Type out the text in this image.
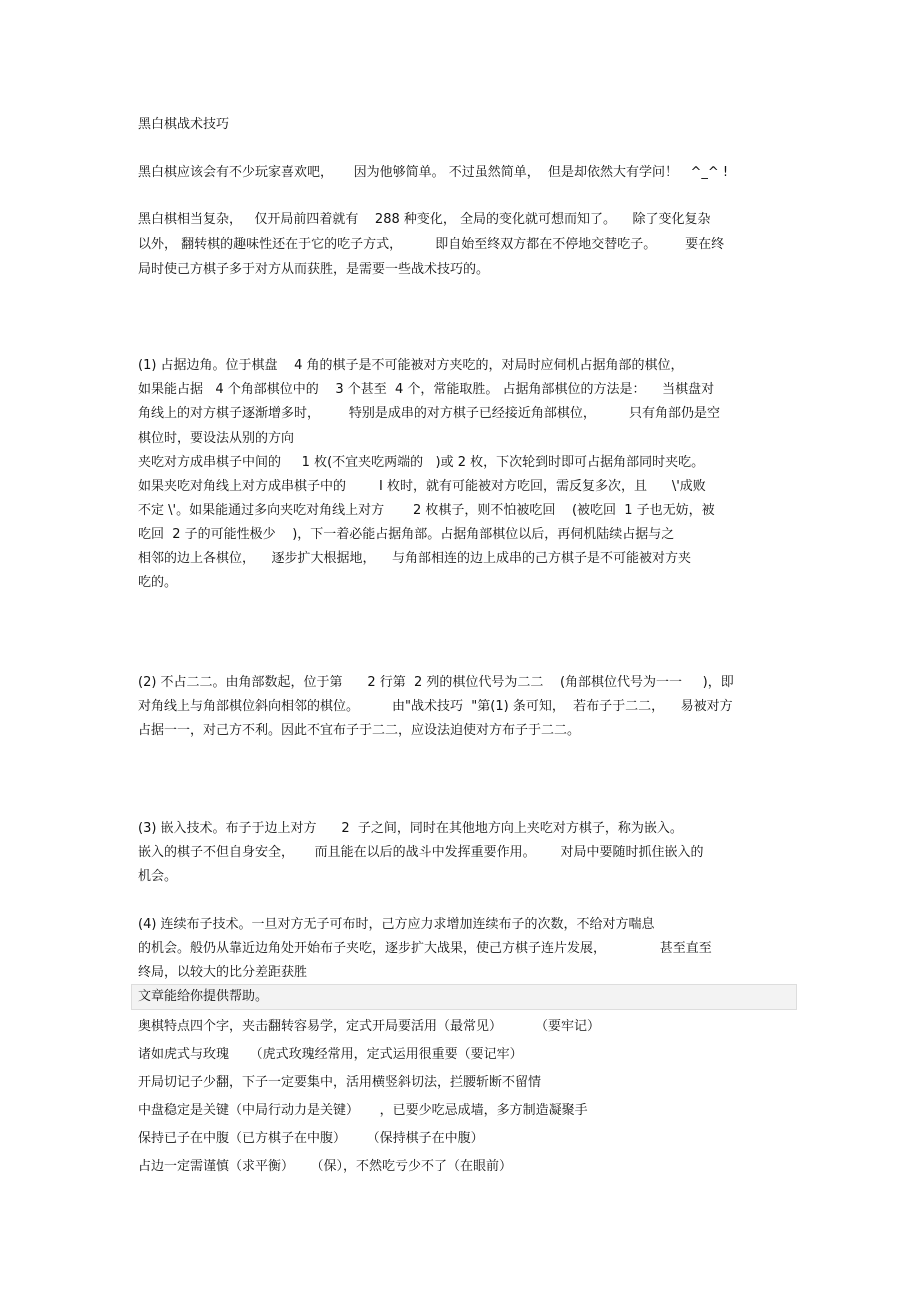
黑白棋战术技巧
黑白棋应该会有不少玩家喜欢吧，     因为他够简单。 不过虽然简单，  但是却依然大有学问！   ^_^ !
黑白棋相当复杂，   仅开局前四着就有    288 种变化， 全局的变化就可想而知了。    除了变化复杂
以外， 翻转棋的趣味性还在于它的吃子方式，        即自始至终双方都在不停地交替吃子。       要在终
局时使己方棋子多于对方从而获胜，是需要一些战术技巧的。
(1) 占据边角。位于棋盘    4 角的棋子是不可能被对方夹吃的，对局时应伺机占据角部的棋位，
如果能占据   4 个角部棋位中的    3 个甚至  4 个，常能取胜。 占据角部棋位的方法是：    当棋盘对
角线上的对方棋子逐渐增多时，       特别是成串的对方棋子已经接近角部棋位，        只有角部仍是空
棋位时，要设法从别的方向
夹吃对方成串棋子中间的     1 枚(不宜夹吃两端的   )或 2 枚，下次轮到时即可占据角部同时夹吃。
如果夹吃对角线上对方成串棋子中的        I 枚时，就有可能被对方吃回，需反复多次，且      \'成败
不定 \'。如果能通过多向夹吃对角线上对方       2 枚棋子，则不怕被吃回    (被吃回  1 子也无妨，被
吃回  2 子的可能性极少    )，下一着必能占据角部。占据角部棋位以后，再伺机陆续占据与之
相邻的边上各棋位，    逐步扩大根据地，    与角部相连的边上成串的己方棋子是不可能被对方夹
吃的。
(2) 不占二二。由角部数起，位于第      2 行第  2 列的棋位代号为二二    (角部棋位代号为一一     )，即
对角线上与角部棋位斜向相邻的棋位。        由"战术技巧  "第(1) 条可知，  若布子于二二，    易被对方
占据一一，对己方不利。因此不宜布子于二二，应设法迫使对方布子于二二。
(3) 嵌入技术。布子于边上对方      2  子之间，同时在其他地方向上夹吃对方棋子，称为嵌入。
嵌入的棋子不但自身安全，     而且能在以后的战斗中发挥重要作用。      对局中要随时抓住嵌入的
机会。
(4) 连续布子技术。一旦对方无子可布时，己方应力求增加连续布子的次数，不给对方喘息
的机会。般仍从靠近边角处开始布子夹吃，逐步扩大战果，使己方棋子连片发展，             甚至直至
终局，以较大的比分差距获胜
文章能给你提供帮助。
奥棋特点四个字，夹击翻转容易学，定式开局要活用（最常见）        （要牢记）
诸如虎式与玫瑰     （虎式玫瑰经常用，定式运用很重要（要记牢）
开局切记子少翻，下子一定要集中，活用横竖斜切法，拦腰斩断不留情
中盘稳定是关键（中局行动力是关键）     ，已要少吃忌成墙，多方制造凝聚手
保持已子在中腹（已方棋子在中腹）     （保持棋子在中腹）
占边一定需谨慎（求平衡）    （保），不然吃亏少不了（在眼前）
